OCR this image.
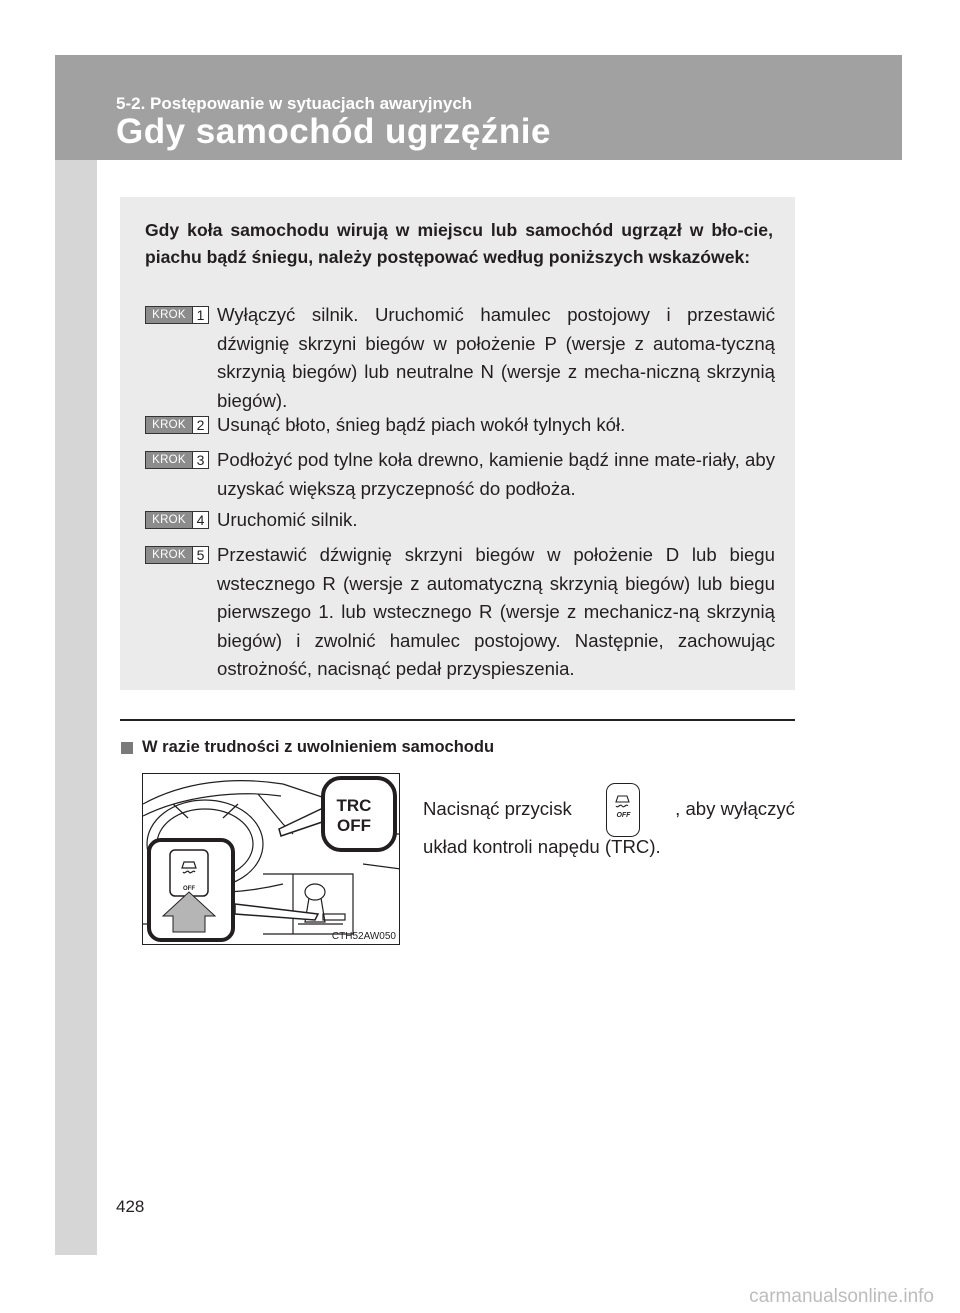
5-2. Postępowanie w sytuacjach awaryjnych

Gdy samochód ugrzęźnie

Gdy koła samochodu wirują w miejscu lub samochód ugrzązł w bło-cie, piachu bądź śniegu, należy postępować według poniższych wskazówek:

KROK 1 Wyłączyć silnik. Uruchomić hamulec postojowy i przestawić dźwignię skrzyni biegów w położenie P (wersje z automa-tyczną skrzynią biegów) lub neutralne N (wersje z mecha-niczną skrzynią biegów).

KROK 2 Usunąć błoto, śnieg bądź piach wokół tylnych kół.

KROK 3 Podłożyć pod tylne koła drewno, kamienie bądź inne mate-riały, aby uzyskać większą przyczepność do podłoża.

KROK 4 Uruchomić silnik.

KROK 5 Przestawić dźwignię skrzyni biegów w położenie D lub biegu wstecznego R (wersje z automatyczną skrzynią biegów) lub biegu pierwszego 1. lub wstecznego R (wersje z mechanicz-ną skrzynią biegów) i zwolnić hamulec postojowy. Następnie, zachowując ostrożność, nacisnąć pedał przyspieszenia.

W razie trudności z uwolnieniem samochodu
TRC
OFF
OFF
CTH52AW050

Nacisnąć przycisk	OFF , aby wyłączyć

układ kontroli napędu (TRC).

428

carmanualsonline.info
